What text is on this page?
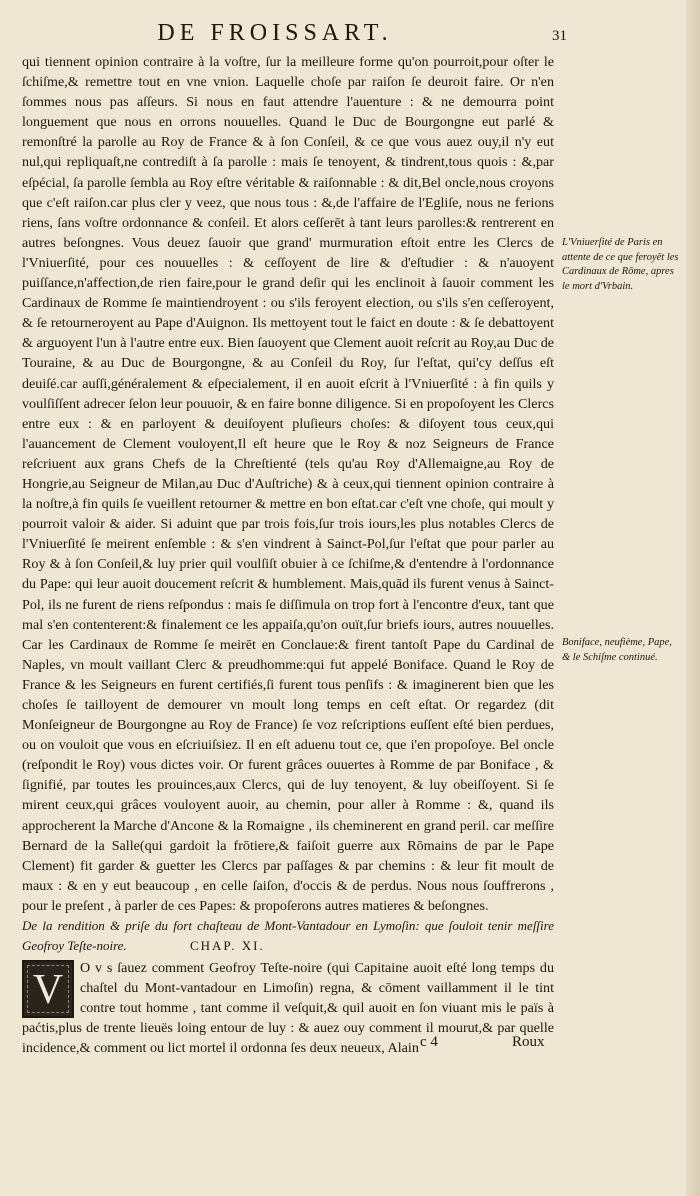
DE FROISSART.	31

qui tiennent opinion contraire à la voſtre, ſur la meilleure forme qu'on pourroit,pour oſter le ſchiſme,& remettre tout en vne vnion. Laquelle choſe par raiſon ſe deuroit faire. Or n'en ſommes nous pas aſſeurs. Si nous en faut attendre l'auenture : & ne demourra point longuement que nous en orrons nouuelles. Quand le Duc de Bourgongne eut parlé & remonſtré la parolle au Roy de France & à ſon Conſeil, & ce que vous auez ouy,il n'y eut nul,qui repliquaſt,ne contrediſt à ſa parolle : mais ſe tenoyent, & tindrent,tous quois : &,par eſpécial, ſa parolle ſembla au Roy eſtre véritable & raiſonnable : & dit,Bel oncle,nous croyons que c'eſt raiſon.car plus cler y veez, que nous tous : &,de l'affaire de l'Egliſe, nous ne ferions riens, ſans voſtre ordonnance & conſeil. Et alors ceſſerēt à tant leurs parolles:& rentrerent en autres beſongnes. Vous deuez ſauoir que grand' murmuration eſtoit entre les Clercs de l'Vniuerſité, pour ces nouuelles : & ceſſoyent de lire & d'eſtudier : & n'auoyent puiſſance,n'affection,de rien faire,pour le grand deſir qui les enclinoit à ſauoir comment les Cardinaux de Romme ſe maintiendroyent : ou s'ils feroyent election, ou s'ils s'en ceſſeroyent, & ſe retourneroyent au Pape d'Auignon. Ils mettoyent tout le faict en doute : & ſe debattoyent & arguoyent l'un à l'autre entre eux. Bien ſauoyent que Clement auoit reſcrit au Roy,au Duc de Touraine, & au Duc de Bourgongne, & au Conſeil du Roy, ſur l'eſtat, qui'cy deſſus eſt deuiſé.car auſſi,généralement & eſpecialement, il en auoit eſcrit à l'Vniuerſité : à fin quils y voulſiſſent adrecer ſelon leur pouuoir, & en faire bonne diligence. Si en propoſoyent les Clercs entre eux : & en parloyent & deuiſoyent pluſieurs choſes: & diſoyent tous ceux,qui l'auancement de Clement vouloyent,Il eſt heure que le Roy & noz Seigneurs de France reſcriuent aux grans Chefs de la Chreſtienté (tels qu'au Roy d'Allemaigne,au Roy de Hongrie,au Seigneur de Milan,au Duc d'Auſtriche) & à ceux,qui tiennent opinion contraire à la noſtre,à fin quils ſe vueillent retourner & mettre en bon eſtat.car c'eſt vne choſe, qui moult y pourroit valoir & aider. Si aduint que par trois fois,ſur trois iours,les plus notables Clercs de l'Vniuerſité ſe meirent enſemble : & s'en vindrent à Sainct-Pol,ſur l'eſtat que pour parler au Roy & à ſon Conſeil,& luy prier quil voulſiſt obuier à ce ſchiſme,& d'entendre à l'ordonnance du Pape: qui leur auoit doucement reſcrit & humblement. Mais,quād ils furent venus à Sainct-Pol, ils ne furent de riens reſpondus : mais ſe diſſimula on trop fort à l'encontre d'eux, tant que mal s'en contenterent:& finalement ce les appaiſa,qu'on ouït,ſur briefs iours, autres nouuelles. Car les Cardinaux de Romme ſe meirēt en Conclaue:& firent tantoſt Pape du Cardinal de Naples, vn moult vaillant Clerc & preudhomme:qui fut appelé Boniface. Quand le Roy de France & les Seigneurs en furent certifiés,ſi furent tous penſifs : & imaginerent bien que les choſes ſe tailloyent de demourer vn moult long temps en ceſt eſtat. Or regardez (dit Monſeigneur de Bourgongne au Roy de France) ſe voz reſcriptions euſſent eſté bien perdues, ou on vouloit que vous en eſcriuiſsiez. Il en eſt aduenu tout ce, que i'en propoſoye. Bel oncle (reſpondit le Roy) vous dictes voir. Or furent grâces ouuertes à Romme de par Boniface , & ſignifié, par toutes les prouinces,aux Clercs, qui de luy tenoyent, & luy obeiſſoyent. Si ſe mirent ceux,qui grâces vouloyent auoir, au chemin, pour aller à Romme : &, quand ils approcherent la Marche d'Ancone & la Romaigne , ils cheminerent en grand peril. car meſſire Bernard de la Salle(qui gardoit la frōtiere,& faiſoit guerre aux Rōmains de par le Pape Clement) fit garder & guetter les Clercs par paſſages & par chemins : & leur fit moult de maux : & en y eut beaucoup , en celle ſaiſon, d'occis & de perdus. Nous nous ſouffrerons , pour le preſent , à parler de ces Papes: & propoſerons autres matieres & beſongnes.

De la rendition & priſe du fort chaſteau de Mont-Vantadour en Lymoſin: que ſouloit tenir meſſire Geofroy Teſte-noire.	CHAP. XI.

V	O v s ſauez comment Geofroy Teſte-noire (qui Capitaine auoit eſté long temps du chaſtel du Mont-vantadour en Limoſin) regna, & cōment vaillamment il le tint contre tout homme , tant comme il veſquit,& quil auoit en ſon viuant mis le païs à paćtis,plus de trente lieuës loing entour de luy : & auez ouy comment il mourut,& par quelle incidence,& comment ou lict mortel il ordonna ſes deux neueux, Alain

L'Vniuerſité de Paris en attente de ce que feroyēt les Cardinaux de Rōme, apres le mort d'Vrbain.
Boniface, neufième, Pape, & le Schiſme continué.
c 4	Roux
